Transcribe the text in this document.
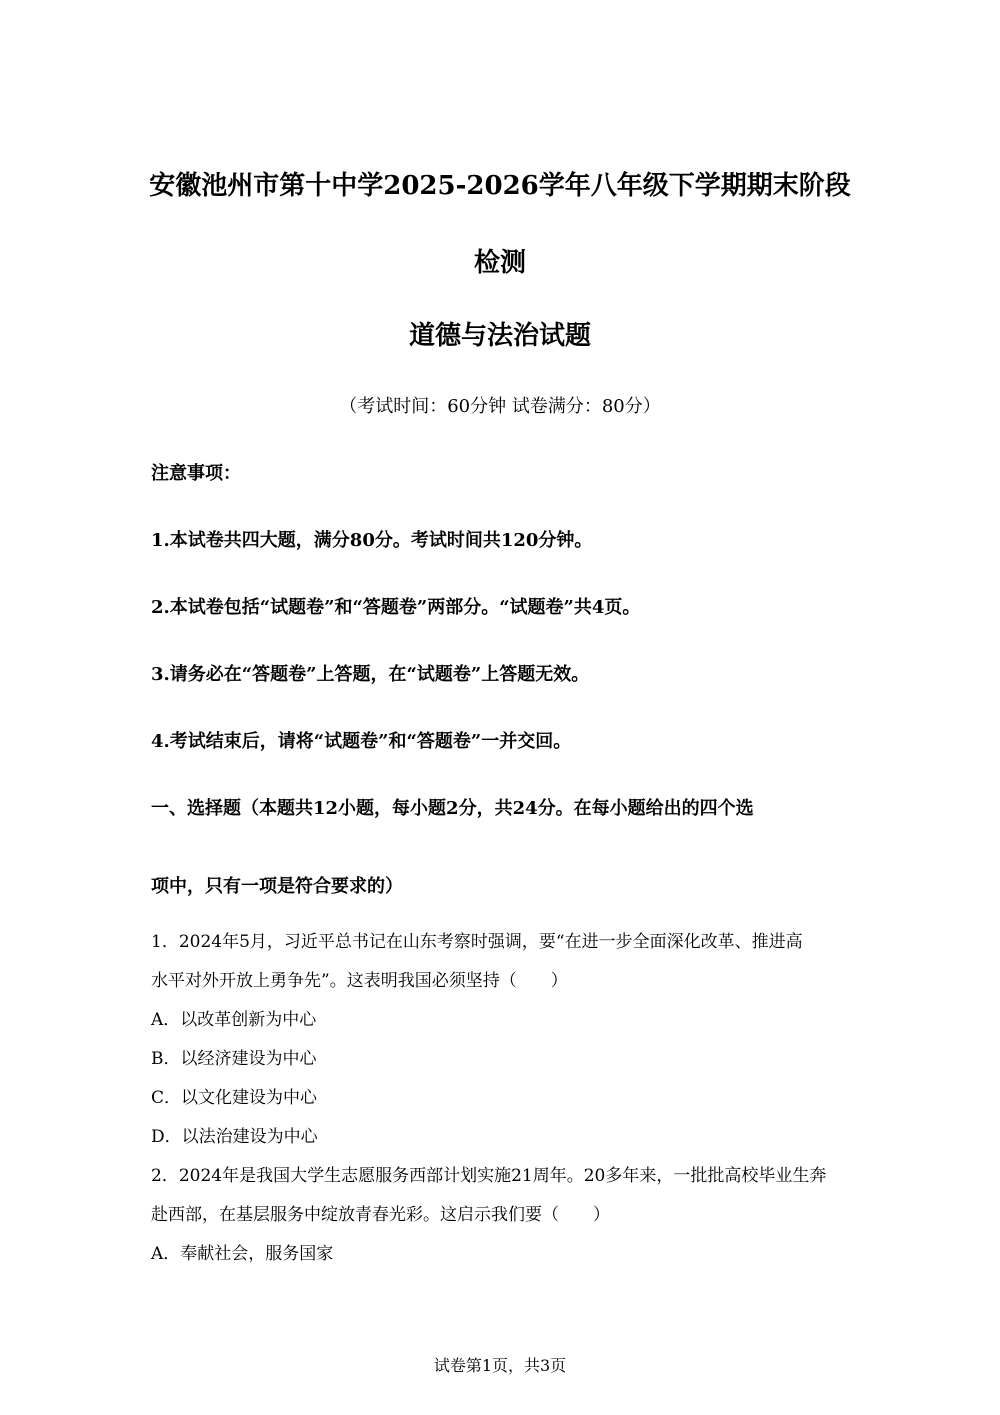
安徽池州市第十中学2025-2026学年八年级下学期期末阶段
检测
道德与法治试题
（考试时间：60分钟 试卷满分：80分）
注意事项：
1.本试卷共四大题，满分80分。考试时间共120分钟。
2.本试卷包括“试题卷”和“答题卷”两部分。“试题卷”共4页。
3.请务必在“答题卷”上答题，在“试题卷”上答题无效。
4.考试结束后，请将“试题卷”和“答题卷”一并交回。
一、选择题（本题共12小题，每小题2分，共24分。在每小题给出的四个选
项中，只有一项是符合要求的）
1．2024年5月，习近平总书记在山东考察时强调，要“在进一步全面深化改革、推进高
水平对外开放上勇争先”。这表明我国必须坚持（　　）
A．以改革创新为中心
B．以经济建设为中心
C．以文化建设为中心
D．以法治建设为中心
2．2024年是我国大学生志愿服务西部计划实施21周年。20多年来，一批批高校毕业生奔
赴西部，在基层服务中绽放青春光彩。这启示我们要（　　）
A．奉献社会，服务国家
试卷第1页，共3页
